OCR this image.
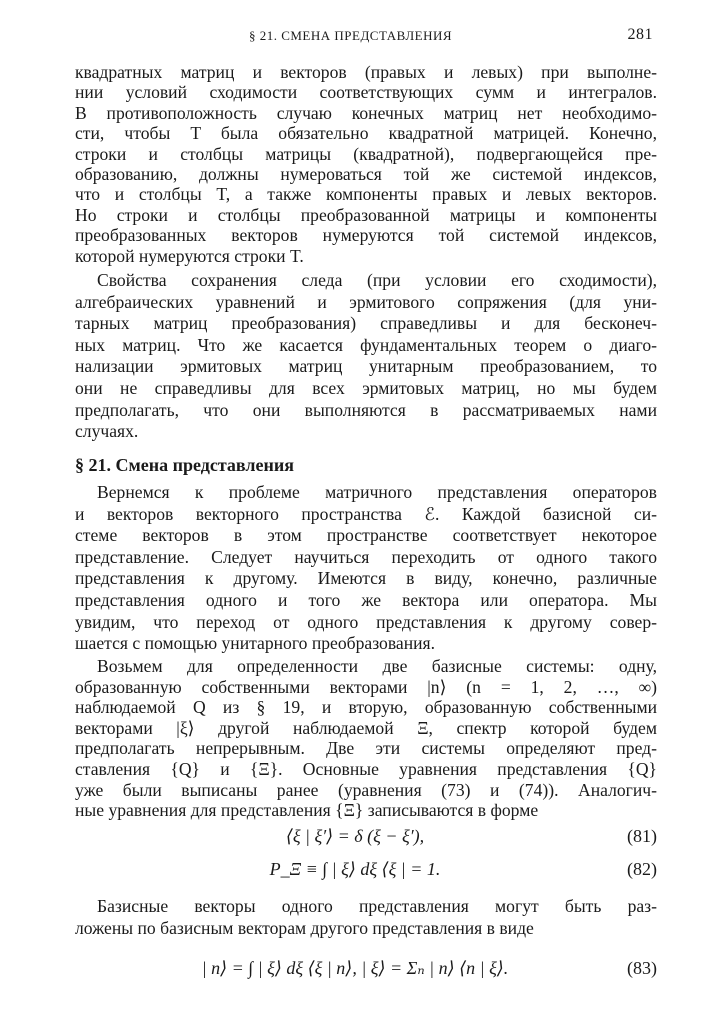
§ 21. СМЕНА ПРЕДСТАВЛЕНИЯ	281
квадратных матриц и векторов (правых и левых) при выполне-
нии условий сходимости соответствующих сумм и интегралов.
В противоположность случаю конечных матриц нет необходимо-
сти, чтобы T была обязательно квадратной матрицей. Конечно,
строки и столбцы матрицы (квадратной), подвергающейся пре-
образованию, должны нумероваться той же системой индексов,
что и столбцы T, а также компоненты правых и левых векторов.
Но строки и столбцы преобразованной матрицы и компоненты
преобразованных векторов нумеруются той системой индексов,
которой нумеруются строки T.
Свойства сохранения следа (при условии его сходимости),
алгебраических уравнений и эрмитового сопряжения (для уни-
тарных матриц преобразования) справедливы и для бесконеч-
ных матриц. Что же касается фундаментальных теорем о диаго-
нализации эрмитовых матриц унитарным преобразованием, то
они не справедливы для всех эрмитовых матриц, но мы будем
предполагать, что они выполняются в рассматриваемых нами
случаях.
§ 21. Смена представления
Вернемся к проблеме матричного представления операторов
и векторов векторного пространства ℰ. Каждой базисной си-
стеме векторов в этом пространстве соответствует некоторое
представление. Следует научиться переходить от одного такого
представления к другому. Имеются в виду, конечно, различные
представления одного и того же вектора или оператора. Мы
увидим, что переход от одного представления к другому совер-
шается с помощью унитарного преобразования.
Возьмем для определенности две базисные системы: одну,
образованную собственными векторами |n⟩ (n = 1, 2, …, ∞)
наблюдаемой Q из § 19, и вторую, образованную собственными
векторами |ξ⟩ другой наблюдаемой Ξ, спектр которой будем
предполагать непрерывным. Две эти системы определяют пред-
ставления {Q} и {Ξ}. Основные уравнения представления {Q}
уже были выписаны ранее (уравнения (73) и (74)). Аналогич-
ные уравнения для представления {Ξ} записываются в форме
⟨ξ | ξ′⟩ = δ (ξ − ξ′),	(81)
P_Ξ ≡ ∫ | ξ⟩ dξ ⟨ξ | = 1.	(82)
Базисные векторы одного представления могут быть раз-
ложены по базисным векторам другого представления в виде
| n⟩ = ∫ | ξ⟩ dξ ⟨ξ | n⟩, | ξ⟩ = Σₙ | n⟩ ⟨n | ξ⟩.	(83)
